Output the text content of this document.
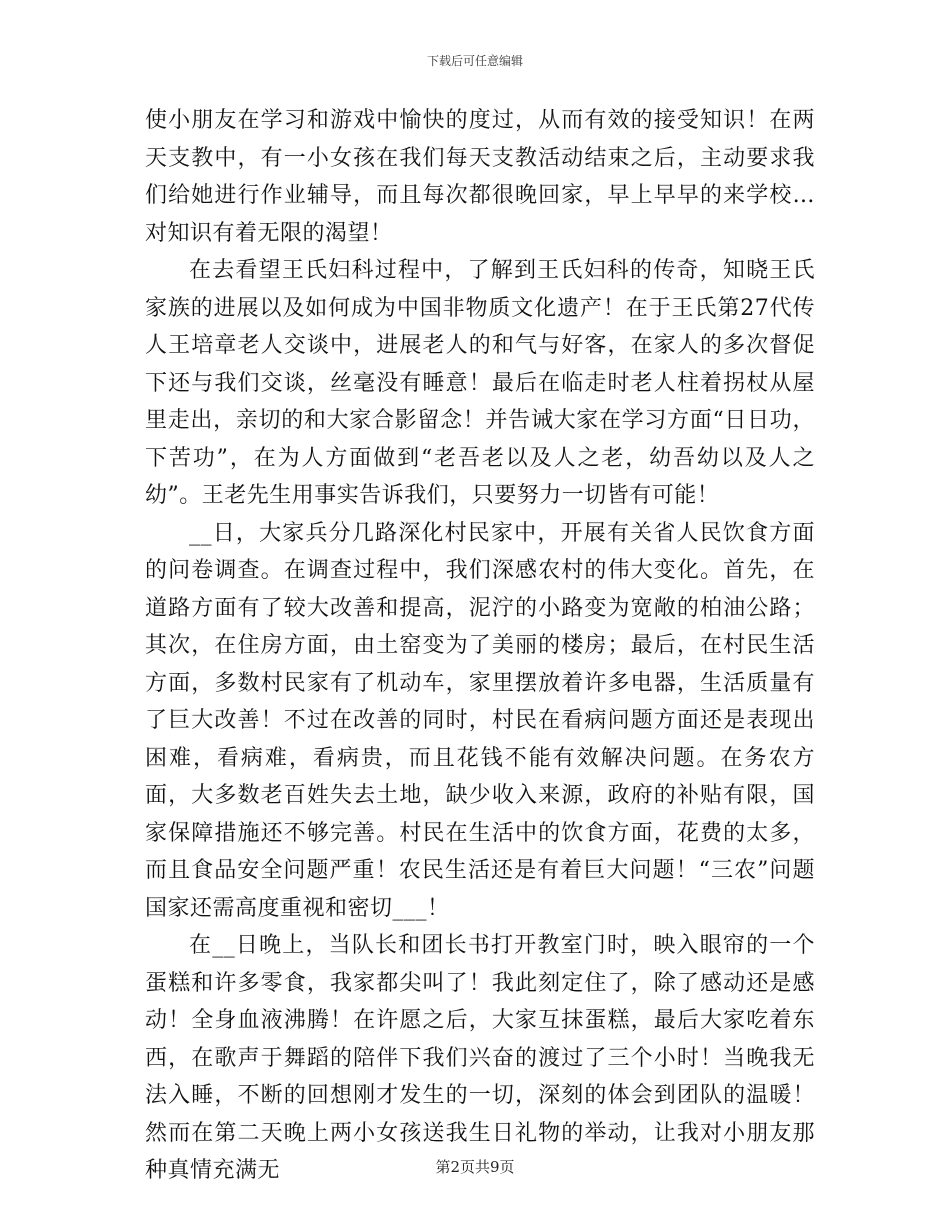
下载后可任意编辑

使小朋友在学习和游戏中愉快的度过，从而有效的接受知识！在两天支教中，有一小女孩在我们每天支教活动结束之后，主动要求我们给她进行作业辅导，而且每次都很晚回家，早上早早的来学校…对知识有着无限的渴望！

在去看望王氏妇科过程中，了解到王氏妇科的传奇，知晓王氏家族的进展以及如何成为中国非物质文化遗产！在于王氏第27代传人王培章老人交谈中，进展老人的和气与好客，在家人的多次督促下还与我们交谈，丝毫没有睡意！最后在临走时老人柱着拐杖从屋里走出，亲切的和大家合影留念！并告诫大家在学习方面“日日功，下苦功”，在为人方面做到“老吾老以及人之老，幼吾幼以及人之幼”。王老先生用事实告诉我们，只要努力一切皆有可能！

__日，大家兵分几路深化村民家中，开展有关省人民饮食方面的问卷调查。在调查过程中，我们深感农村的伟大变化。首先，在道路方面有了较大改善和提高，泥泞的小路变为宽敞的柏油公路；其次，在住房方面，由土窑变为了美丽的楼房；最后，在村民生活方面，多数村民家有了机动车，家里摆放着许多电器，生活质量有了巨大改善！不过在改善的同时，村民在看病问题方面还是表现出困难，看病难，看病贵，而且花钱不能有效解决问题。在务农方面，大多数老百姓失去土地，缺少收入来源，政府的补贴有限，国家保障措施还不够完善。村民在生活中的饮食方面，花费的太多，而且食品安全问题严重！农民生活还是有着巨大问题！“三农”问题国家还需高度重视和密切___！

在__日晚上，当队长和团长书打开教室门时，映入眼帘的一个蛋糕和许多零食，我家都尖叫了！我此刻定住了，除了感动还是感动！全身血液沸腾！在许愿之后，大家互抹蛋糕，最后大家吃着东西，在歌声于舞蹈的陪伴下我们兴奋的渡过了三个小时！当晚我无法入睡，不断的回想刚才发生的一切，深刻的体会到团队的温暖！然而在第二天晚上两小女孩送我生日礼物的举动，让我对小朋友那种真情充满无	第2页共9页
